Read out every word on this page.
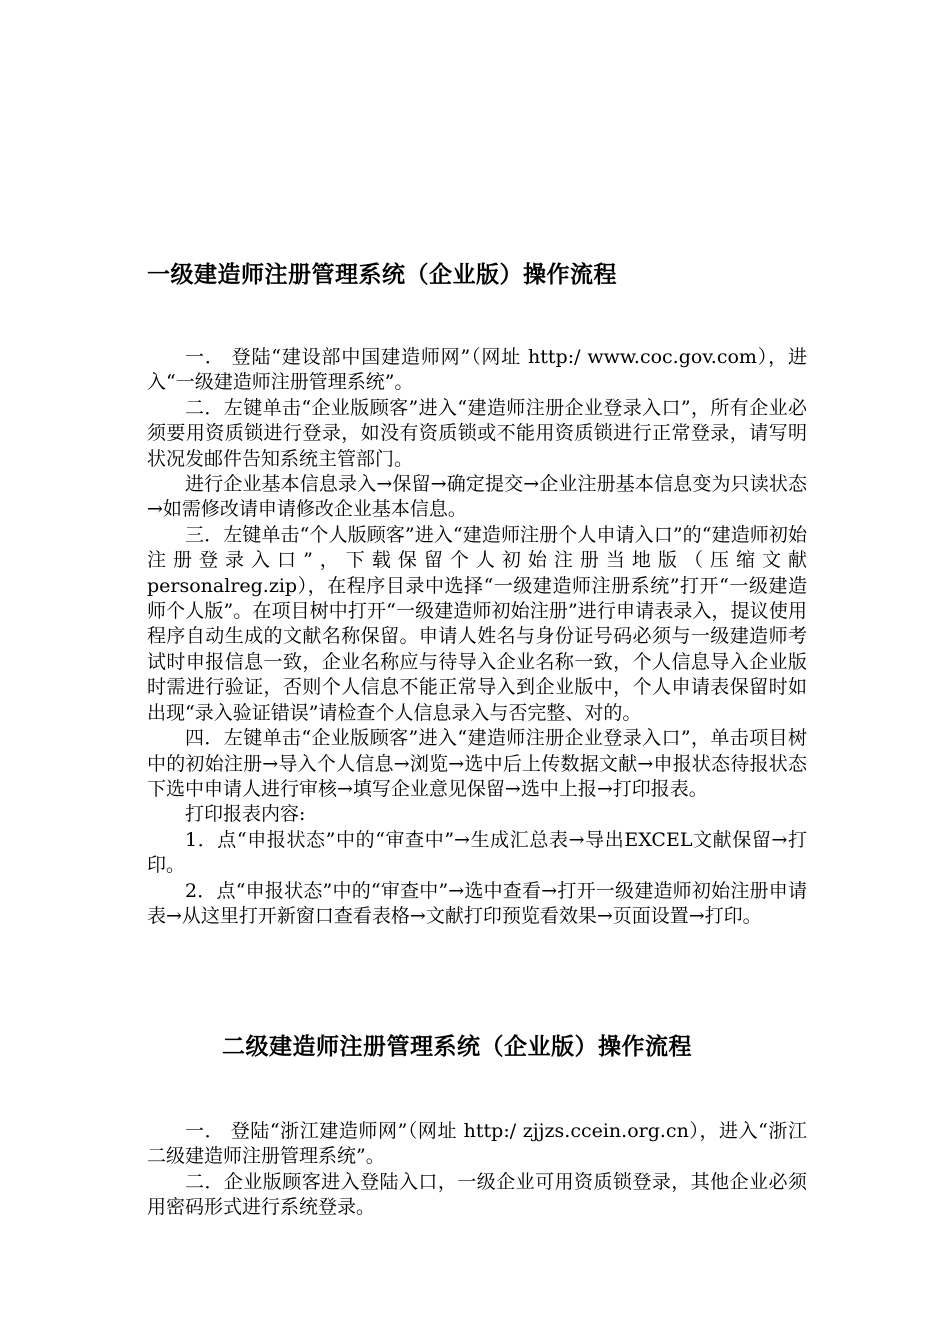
一级建造师注册管理系统（企业版）操作流程

一． 登陆“建设部中国建造师网”（网址 http:/ www.coc.gov.com），进入“一级建造师注册管理系统”。

二．左键单击“企业版顾客”进入“建造师注册企业登录入口”，所有企业必须要用资质锁进行登录，如没有资质锁或不能用资质锁进行正常登录，请写明状况发邮件告知系统主管部门。

进行企业基本信息录入→保留→确定提交→企业注册基本信息变为只读状态→如需修改请申请修改企业基本信息。

三．左键单击“个人版顾客”进入“建造师注册个人申请入口”的“建造师初始注册登录入口”，下载保留个人初始注册当地版（压缩文献 personalreg.zip），在程序目录中选择“一级建造师注册系统”打开“一级建造师个人版”。在项目树中打开“一级建造师初始注册”进行申请表录入，提议使用程序自动生成的文献名称保留。申请人姓名与身份证号码必须与一级建造师考试时申报信息一致，企业名称应与待导入企业名称一致，个人信息导入企业版时需进行验证，否则个人信息不能正常导入到企业版中，个人申请表保留时如出现“录入验证错误”请检查个人信息录入与否完整、对的。

四．左键单击“企业版顾客”进入“建造师注册企业登录入口”，单击项目树中的初始注册→导入个人信息→浏览→选中后上传数据文献→申报状态待报状态下选中申请人进行审核→填写企业意见保留→选中上报→打印报表。

打印报表内容:

1．点“申报状态”中的“审查中”→生成汇总表→导出EXCEL文献保留→打印。

2．点“申报状态”中的“审查中”→选中查看→打开一级建造师初始注册申请表→从这里打开新窗口查看表格→文献打印预览看效果→页面设置→打印。

二级建造师注册管理系统（企业版）操作流程

一． 登陆“浙江建造师网”（网址 http:/ zjjzs.ccein.org.cn），进入“浙江二级建造师注册管理系统”。

二．企业版顾客进入登陆入口，一级企业可用资质锁登录，其他企业必须用密码形式进行系统登录。
